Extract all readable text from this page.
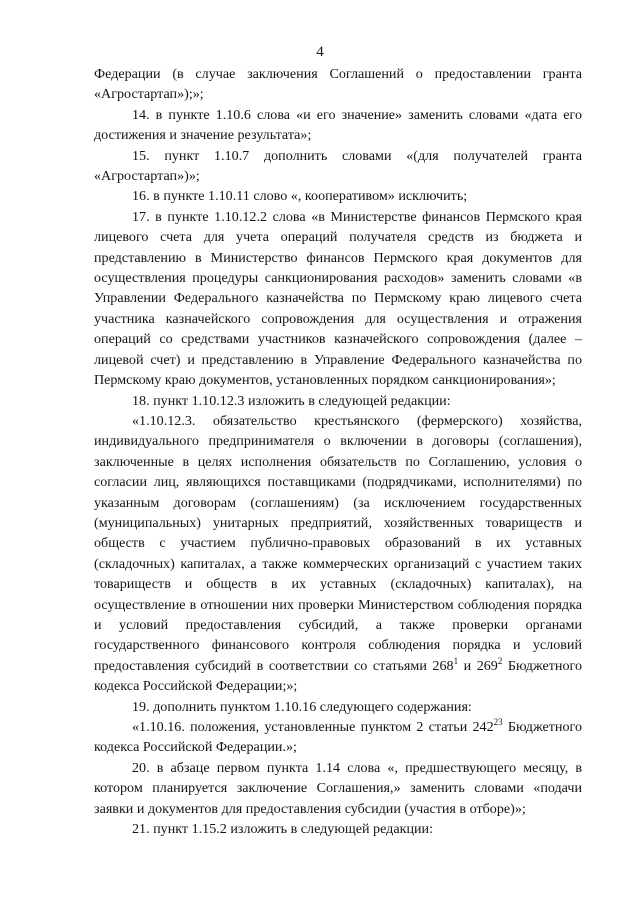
4

Федерации (в случае заключения Соглашений о предоставлении гранта «Агростартап»);»;

14. в пункте 1.10.6 слова «и его значение» заменить словами «дата его достижения и значение результата»;

15. пункт 1.10.7 дополнить словами «(для получателей гранта «Агростартап»)»;

16. в пункте 1.10.11 слово «, кооперативом» исключить;

17. в пункте 1.10.12.2 слова «в Министерстве финансов Пермского края лицевого счета для учета операций получателя средств из бюджета и представлению в Министерство финансов Пермского края документов для осуществления процедуры санкционирования расходов» заменить словами «в Управлении Федерального казначейства по Пермскому краю лицевого счета участника казначейского сопровождения для осуществления и отражения операций со средствами участников казначейского сопровождения (далее – лицевой счет) и представлению в Управление Федерального казначейства по Пермскому краю документов, установленных порядком санкционирования»;

18. пункт 1.10.12.3 изложить в следующей редакции:

«1.10.12.3. обязательство крестьянского (фермерского) хозяйства, индивидуального предпринимателя о включении в договоры (соглашения), заключенные в целях исполнения обязательств по Соглашению, условия о согласии лиц, являющихся поставщиками (подрядчиками, исполнителями) по указанным договорам (соглашениям) (за исключением государственных (муниципальных) унитарных предприятий, хозяйственных товариществ и обществ с участием публично-правовых образований в их уставных (складочных) капиталах, а также коммерческих организаций с участием таких товариществ и обществ в их уставных (складочных) капиталах), на осуществление в отношении них проверки Министерством соблюдения порядка и условий предоставления субсидий, а также проверки органами государственного финансового контроля соблюдения порядка и условий предоставления субсидий в соответствии со статьями $268^1$ и $269^2$ Бюджетного кодекса Российской Федерации;»;

19. дополнить пунктом 1.10.16 следующего содержания:

«1.10.16. положения, установленные пунктом 2 статьи $242^{23}$ Бюджетного кодекса Российской Федерации.»;

20. в абзаце первом пункта 1.14 слова «, предшествующего месяцу, в котором планируется заключение Соглашения,» заменить словами «подачи заявки и документов для предоставления субсидии (участия в отборе)»;

21. пункт 1.15.2 изложить в следующей редакции:
